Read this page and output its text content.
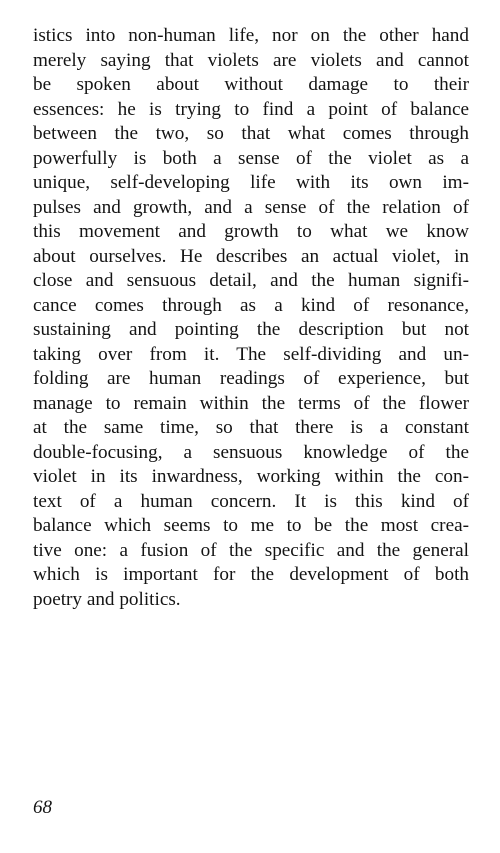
istics into non-human life, nor on the other hand
merely saying that violets are violets and cannot
be spoken about without damage to their
essences: he is trying to find a point of balance
between the two, so that what comes through
powerfully is both a sense of the violet as a
unique, self-developing life with its own im-
pulses and growth, and a sense of the relation of
this movement and growth to what we know
about ourselves. He describes an actual violet, in
close and sensuous detail, and the human signifi-
cance comes through as a kind of resonance,
sustaining and pointing the description but not
taking over from it. The self-dividing and un-
folding are human readings of experience, but
manage to remain within the terms of the flower
at the same time, so that there is a constant
double-focusing, a sensuous knowledge of the
violet in its inwardness, working within the con-
text of a human concern. It is this kind of
balance which seems to me to be the most crea-
tive one: a fusion of the specific and the general
which is important for the development of both
poetry and politics.
68
